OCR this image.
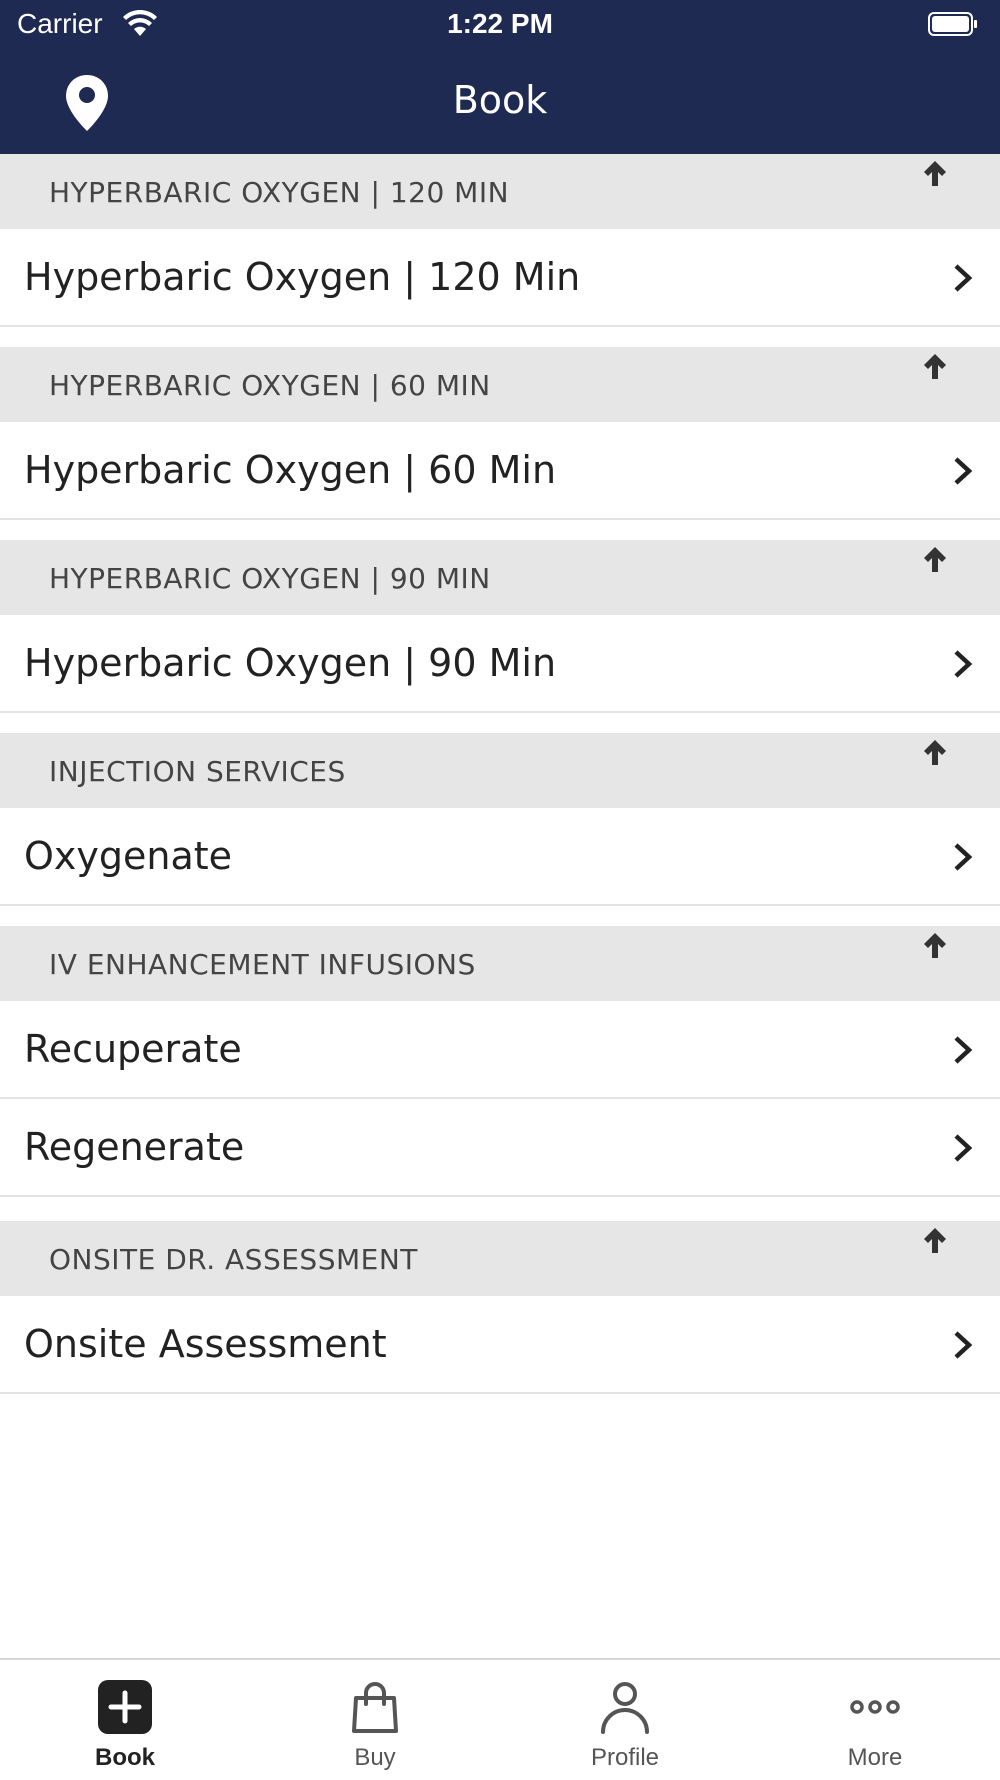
Carrier	1:22 PM
Book
HYPERBARIC OXYGEN | 120 MIN
Hyperbaric Oxygen | 120 Min
HYPERBARIC OXYGEN | 60 MIN
Hyperbaric Oxygen | 60 Min
HYPERBARIC OXYGEN | 90 MIN
Hyperbaric Oxygen | 90 Min
INJECTION SERVICES
Oxygenate
IV ENHANCEMENT INFUSIONS
Recuperate
Regenerate
ONSITE DR. ASSESSMENT
Onsite Assessment
Book	Buy	Profile	More
